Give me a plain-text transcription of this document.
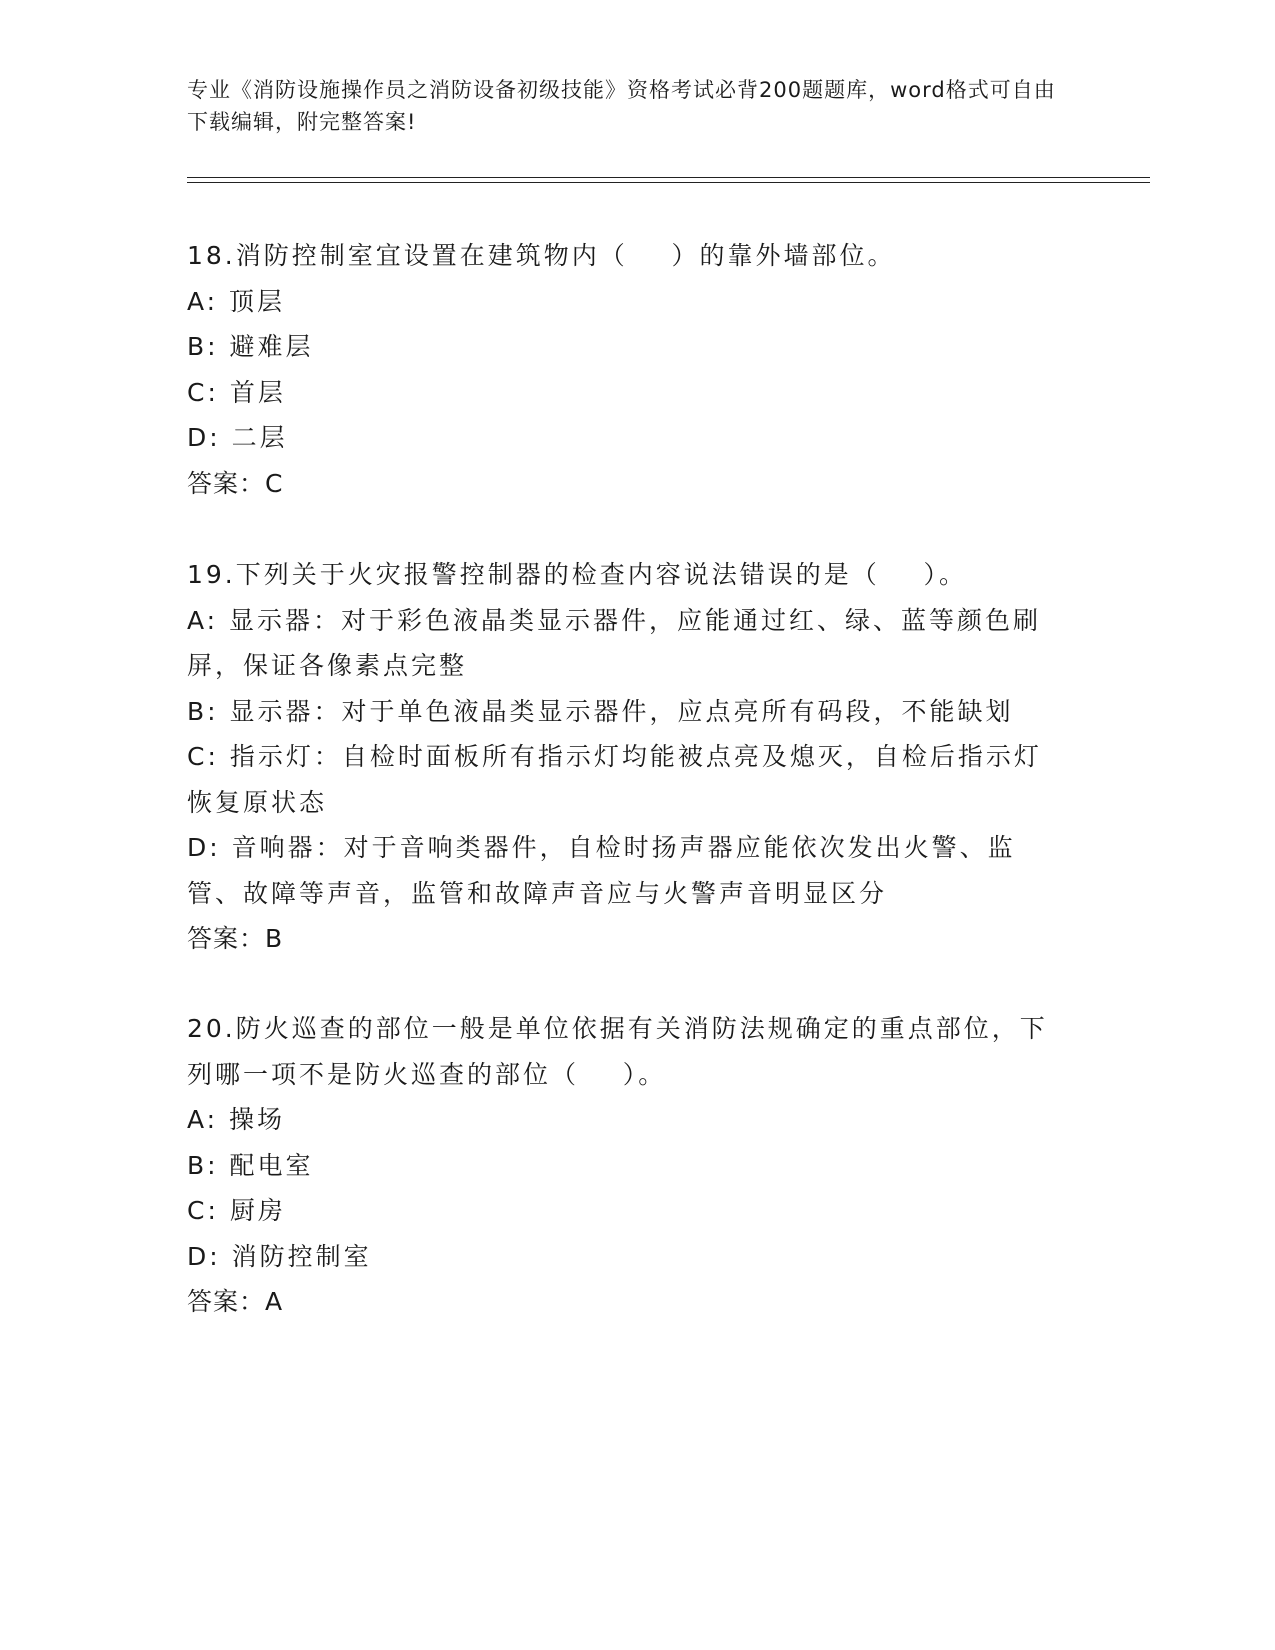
专业《消防设施操作员之消防设备初级技能》资格考试必背200题题库，word格式可自由下载编辑，附完整答案!
18.消防控制室宜设置在建筑物内（    ）的靠外墙部位。
A: 顶层
B: 避难层
C: 首层
D: 二层
答案：C
19.下列关于火灾报警控制器的检查内容说法错误的是（    ）。
A: 显示器：对于彩色液晶类显示器件，应能通过红、绿、蓝等颜色刷屏，保证各像素点完整
B: 显示器：对于单色液晶类显示器件，应点亮所有码段，不能缺划
C: 指示灯：自检时面板所有指示灯均能被点亮及熄灭，自检后指示灯恢复原状态
D: 音响器：对于音响类器件，自检时扬声器应能依次发出火警、监管、故障等声音，监管和故障声音应与火警声音明显区分
答案：B
20.防火巡查的部位一般是单位依据有关消防法规确定的重点部位，下列哪一项不是防火巡查的部位（    ）。
A: 操场
B: 配电室
C: 厨房
D: 消防控制室
答案：A
